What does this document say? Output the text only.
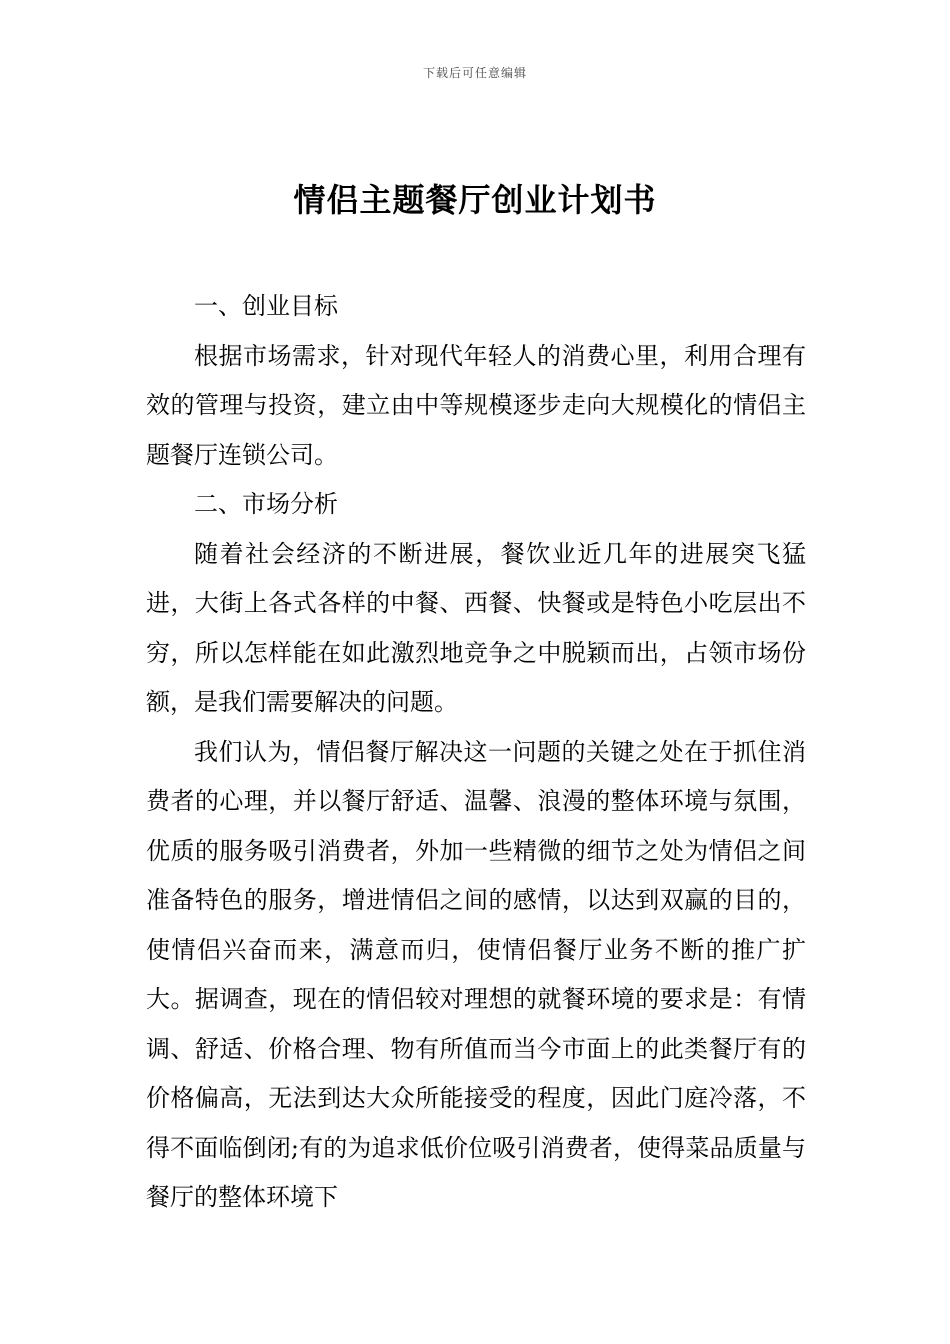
下载后可任意编辑
情侣主题餐厅创业计划书

一、创业目标

根据市场需求，针对现代年轻人的消费心里，利用合理有效的管理与投资，建立由中等规模逐步走向大规模化的情侣主题餐厅连锁公司。

二、市场分析

随着社会经济的不断进展，餐饮业近几年的进展突飞猛进，大街上各式各样的中餐、西餐、快餐或是特色小吃层出不穷，所以怎样能在如此激烈地竞争之中脱颖而出，占领市场份额，是我们需要解决的问题。

我们认为，情侣餐厅解决这一问题的关键之处在于抓住消费者的心理，并以餐厅舒适、温馨、浪漫的整体环境与氛围，优质的服务吸引消费者，外加一些精微的细节之处为情侣之间准备特色的服务，增进情侣之间的感情，以达到双赢的目的，使情侣兴奋而来，满意而归，使情侣餐厅业务不断的推广扩大。据调查，现在的情侣较对理想的就餐环境的要求是：有情调、舒适、价格合理、物有所值而当今市面上的此类餐厅有的价格偏高，无法到达大众所能接受的程度，因此门庭冷落，不得不面临倒闭;有的为追求低价位吸引消费者，使得菜品质量与餐厅的整体环境下
